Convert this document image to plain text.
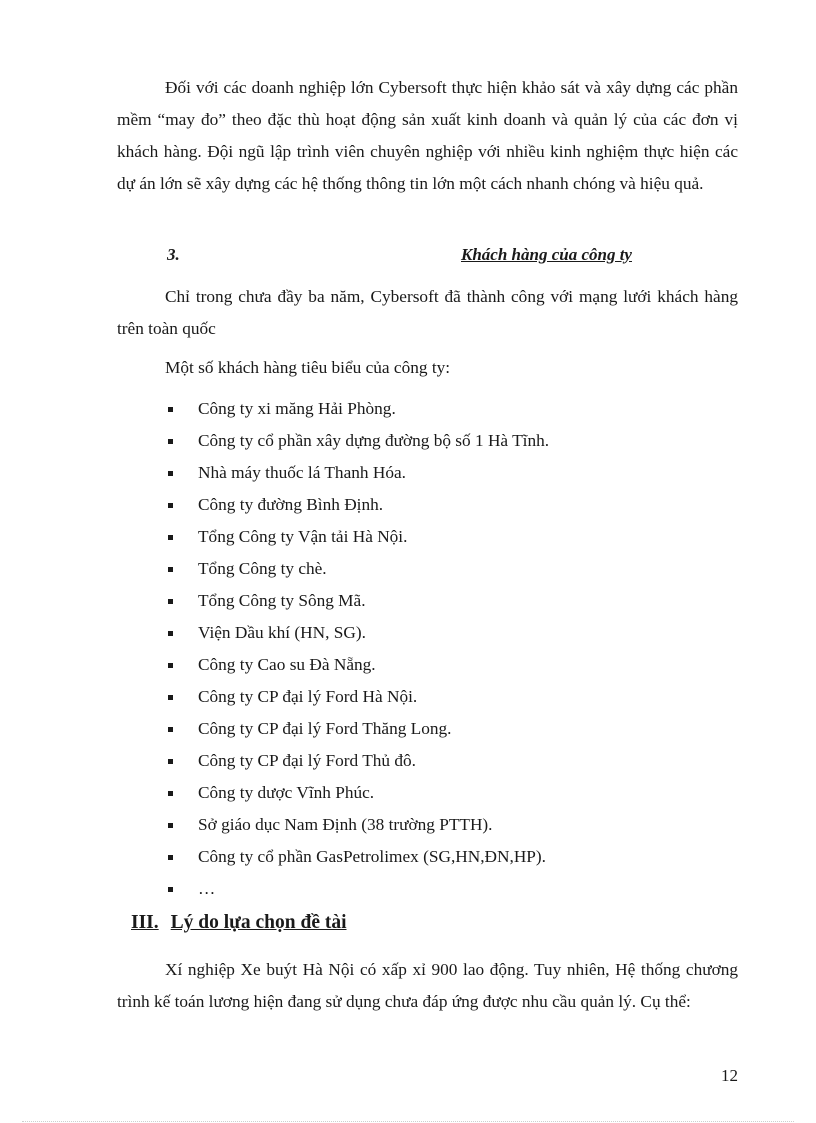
Đối với các doanh nghiệp lớn Cybersoft thực hiện khảo sát và xây dựng các phần mềm “may đo” theo đặc thù hoạt động sản xuất kinh doanh và quản lý của các đơn vị khách hàng. Đội ngũ lập trình viên chuyên nghiệp với nhiều kinh nghiệm thực hiện các dự án lớn sẽ xây dựng các hệ thống thông tin lớn một cách nhanh chóng và hiệu quả.

3.	Khách hàng của công ty

Chỉ trong chưa đầy ba năm, Cybersoft đã thành công với mạng lưới khách hàng trên toàn quốc

Một số khách hàng tiêu biểu của công ty:

Công ty xi măng Hải Phòng.
Công ty cổ phần xây dựng đường bộ số 1 Hà Tĩnh.
Nhà máy thuốc lá Thanh Hóa.
Công ty đường Bình Định.
Tổng Công ty Vận tải Hà Nội.
Tổng Công ty chè.
Tổng Công ty Sông Mã.
Viện Dầu khí (HN, SG).
Công ty Cao su Đà Nẵng.
Công ty CP đại lý Ford Hà Nội.
Công ty CP đại lý Ford Thăng Long.
Công ty CP đại lý Ford Thủ đô.
Công ty dược Vĩnh Phúc.
Sở giáo dục Nam Định (38 trường PTTH).
Công ty cổ phần GasPetrolimex (SG,HN,ĐN,HP).
…
III. Lý do lựa chọn đề tài

Xí nghiệp Xe buýt Hà Nội có xấp xỉ 900 lao động. Tuy nhiên, Hệ thống chương trình kế toán lương hiện đang sử dụng chưa đáp ứng được nhu cầu quản lý. Cụ thể:

12
